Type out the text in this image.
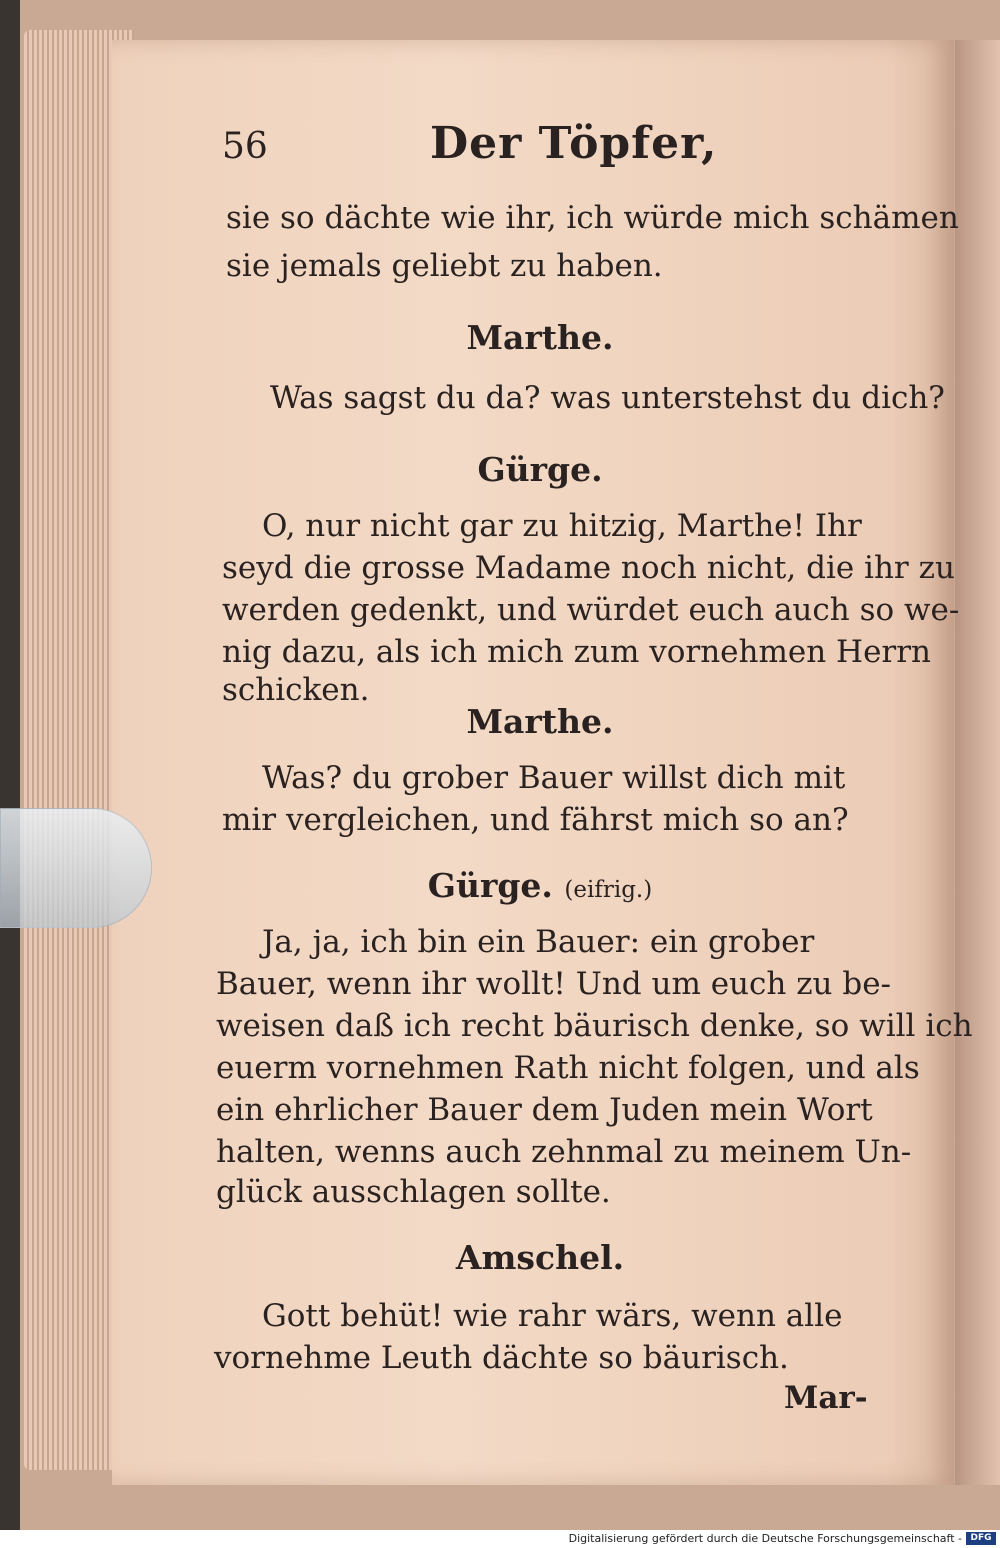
56	Der Töpfer,
sie so dächte wie ihr, ich würde mich schämen
sie jemals geliebt zu haben.
Marthe.
Was sagst du da? was unterstehst du dich?
Gürge.
O, nur nicht gar zu hitzig, Marthe! Ihr
seyd die grosse Madame noch nicht, die ihr zu
werden gedenkt, und würdet euch auch so we-
nig dazu, als ich mich zum vornehmen Herrn
schicken.
Marthe.
Was? du grober Bauer willst dich mit
mir vergleichen, und fährst mich so an?
Gürge. (eifrig.)
Ja, ja, ich bin ein Bauer: ein grober
Bauer, wenn ihr wollt! Und um euch zu be-
weisen daß ich recht bäurisch denke, so will ich
euerm vornehmen Rath nicht folgen, und als
ein ehrlicher Bauer dem Juden mein Wort
halten, wenns auch zehnmal zu meinem Un-
glück ausschlagen sollte.
Amschel.
Gott behüt! wie rahr wärs, wenn alle
vornehme Leuth dächte so bäurisch.
Mar-
Digitalisierung gefördert durch die Deutsche Forschungsgemeinschaft - DFG
